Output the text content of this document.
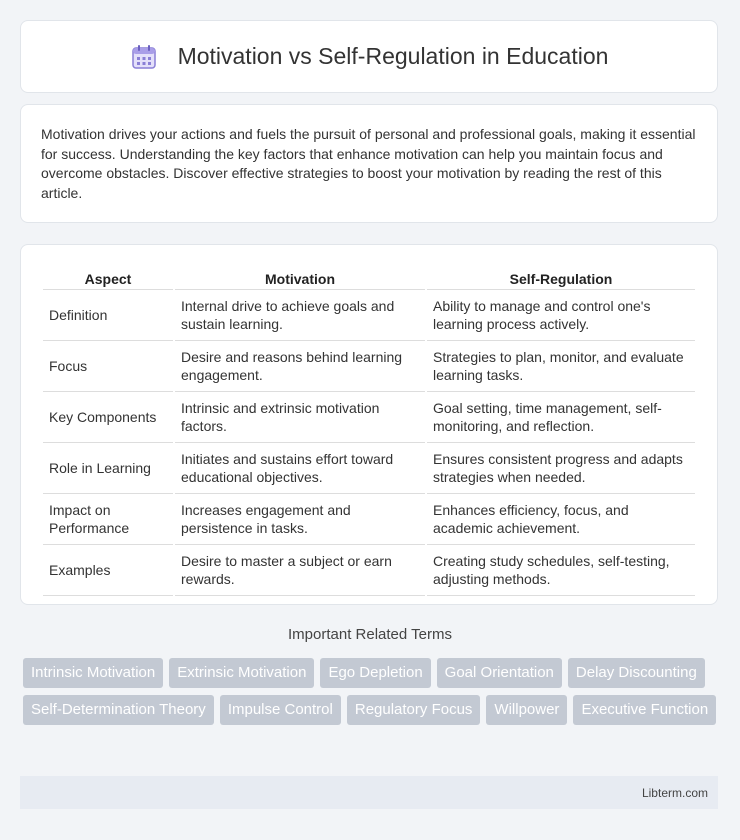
Motivation vs Self-Regulation in Education

Motivation drives your actions and fuels the pursuit of personal and professional goals, making it essential for success. Understanding the key factors that enhance motivation can help you maintain focus and overcome obstacles. Discover effective strategies to boost your motivation by reading the rest of this article.

Aspect	Motivation	Self-Regulation
Definition	Internal drive to achieve goals and sustain learning.	Ability to manage and control one's learning process actively.
Focus	Desire and reasons behind learning engagement.	Strategies to plan, monitor, and evaluate learning tasks.
Key Components	Intrinsic and extrinsic motivation factors.	Goal setting, time management, self-monitoring, and reflection.
Role in Learning	Initiates and sustains effort toward educational objectives.	Ensures consistent progress and adapts strategies when needed.
Impact on Performance	Increases engagement and persistence in tasks.	Enhances efficiency, focus, and academic achievement.
Examples	Desire to master a subject or earn rewards.	Creating study schedules, self-testing, adjusting methods.
Important Related Terms
Intrinsic Motivation	Extrinsic Motivation	Ego Depletion	Goal Orientation	Delay Discounting
Self-Determination Theory	Impulse Control	Regulatory Focus	Willpower	Executive Function
Libterm.com
